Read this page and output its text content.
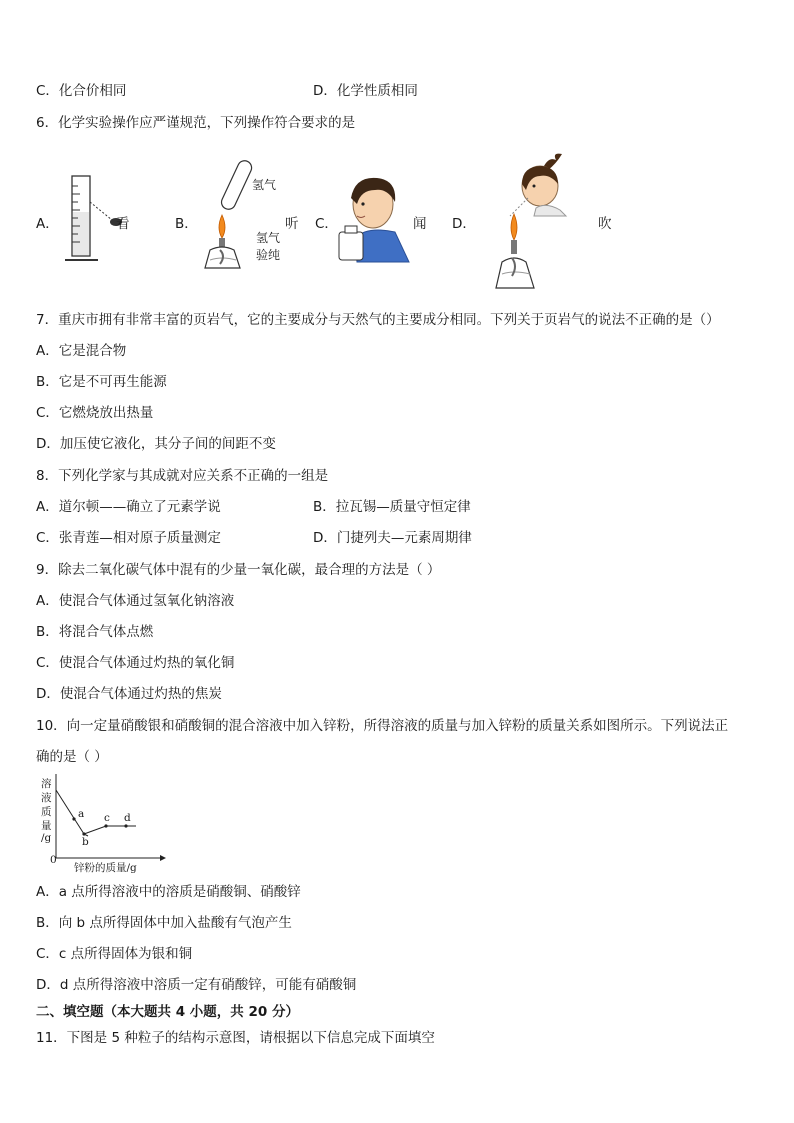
C．化合价相同	D．化学性质相同
6．化学实验操作应严谨规范，下列操作符合要求的是
A．	看	B．
氢气
听
氢气
验纯
C．	闻 D．	吹
7．重庆市拥有非常丰富的页岩气，它的主要成分与天然气的主要成分相同。下列关于页岩气的说法不正确的是（）
A．它是混合物
B．它是不可再生能源
C．它燃烧放出热量
D．加压使它液化，其分子间的间距不变
8．下列化学家与其成就对应关系不正确的一组是
A．道尔顿——确立了元素学说	B．拉瓦锡—质量守恒定律
C．张青莲—相对原子质量测定	D．门捷列夫—元素周期律
9．除去二氧化碳气体中混有的少量一氧化碳，最合理的方法是（ ）
A．使混合气体通过氢氧化钠溶液
B．将混合气体点燃
C．使混合气体通过灼热的氧化铜
D．使混合气体通过灼热的焦炭
10．向一定量硝酸银和硝酸铜的混合溶液中加入锌粉，所得溶液的质量与加入锌粉的质量关系如图所示。下列说法正
确的是（ ）
溶
液
质
量
/g
0
锌粉的质量/g
a
b
c d
A．a 点所得溶液中的溶质是硝酸铜、硝酸锌
B．向 b 点所得固体中加入盐酸有气泡产生
C．c 点所得固体为银和铜
D．d 点所得溶液中溶质一定有硝酸锌，可能有硝酸铜
二、填空题（本大题共 4 小题，共 20 分）
11．下图是 5 种粒子的结构示意图，请根据以下信息完成下面填空
